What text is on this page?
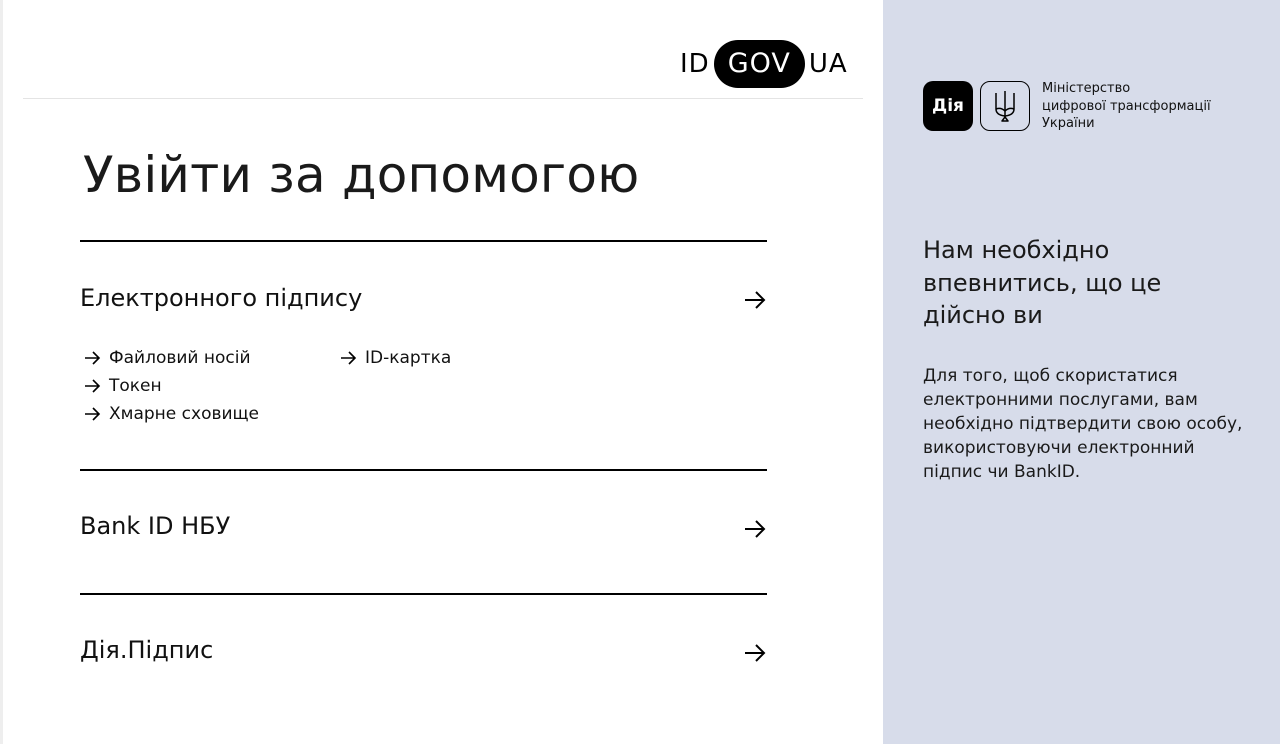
ID GOV UA
Увійти за допомогою
Електронного підпису
Файловий носій
Токен
Хмарне сховище
ID-картка
Bank ID НБУ
Дія.Підпис
Дія
Міністерство
цифрової трансформації
України
Нам необхідно впевнитись, що це дійсно ви

Для того, щоб скористатися електронними послугами, вам необхідно підтвердити свою особу, використовуючи електронний підпис чи BankID.
